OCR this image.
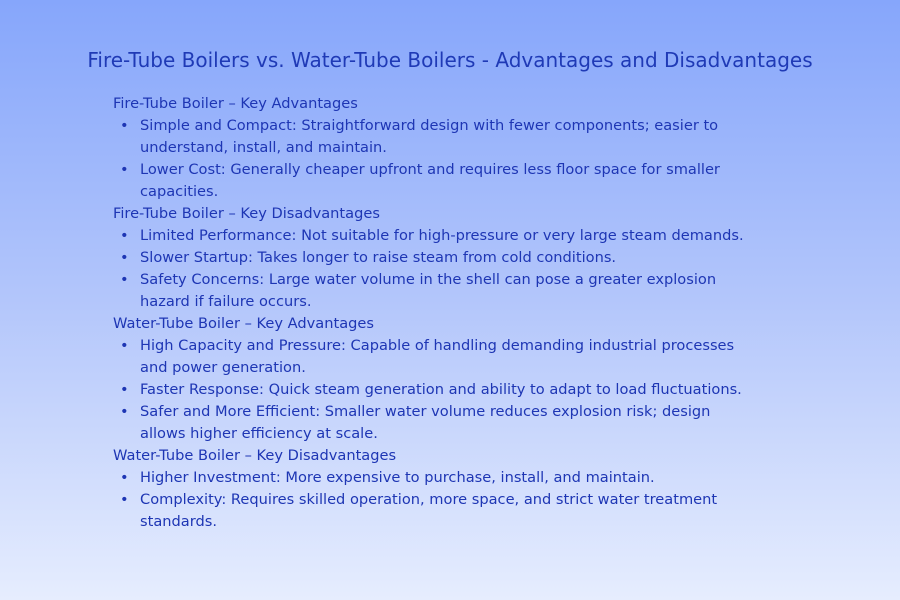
Fire-Tube Boilers vs. Water-Tube Boilers - Advantages and Disadvantages
Fire-Tube Boiler – Key Advantages
• Simple and Compact: Straightforward design with fewer components; easier to understand, install, and maintain.
• Lower Cost: Generally cheaper upfront and requires less floor space for smaller capacities.
Fire-Tube Boiler – Key Disadvantages
• Limited Performance: Not suitable for high-pressure or very large steam demands.
• Slower Startup: Takes longer to raise steam from cold conditions.
• Safety Concerns: Large water volume in the shell can pose a greater explosion hazard if failure occurs.
Water-Tube Boiler – Key Advantages
• High Capacity and Pressure: Capable of handling demanding industrial processes and power generation.
• Faster Response: Quick steam generation and ability to adapt to load fluctuations.
• Safer and More Efficient: Smaller water volume reduces explosion risk; design allows higher efficiency at scale.
Water-Tube Boiler – Key Disadvantages
• Higher Investment: More expensive to purchase, install, and maintain.
• Complexity: Requires skilled operation, more space, and strict water treatment standards.
